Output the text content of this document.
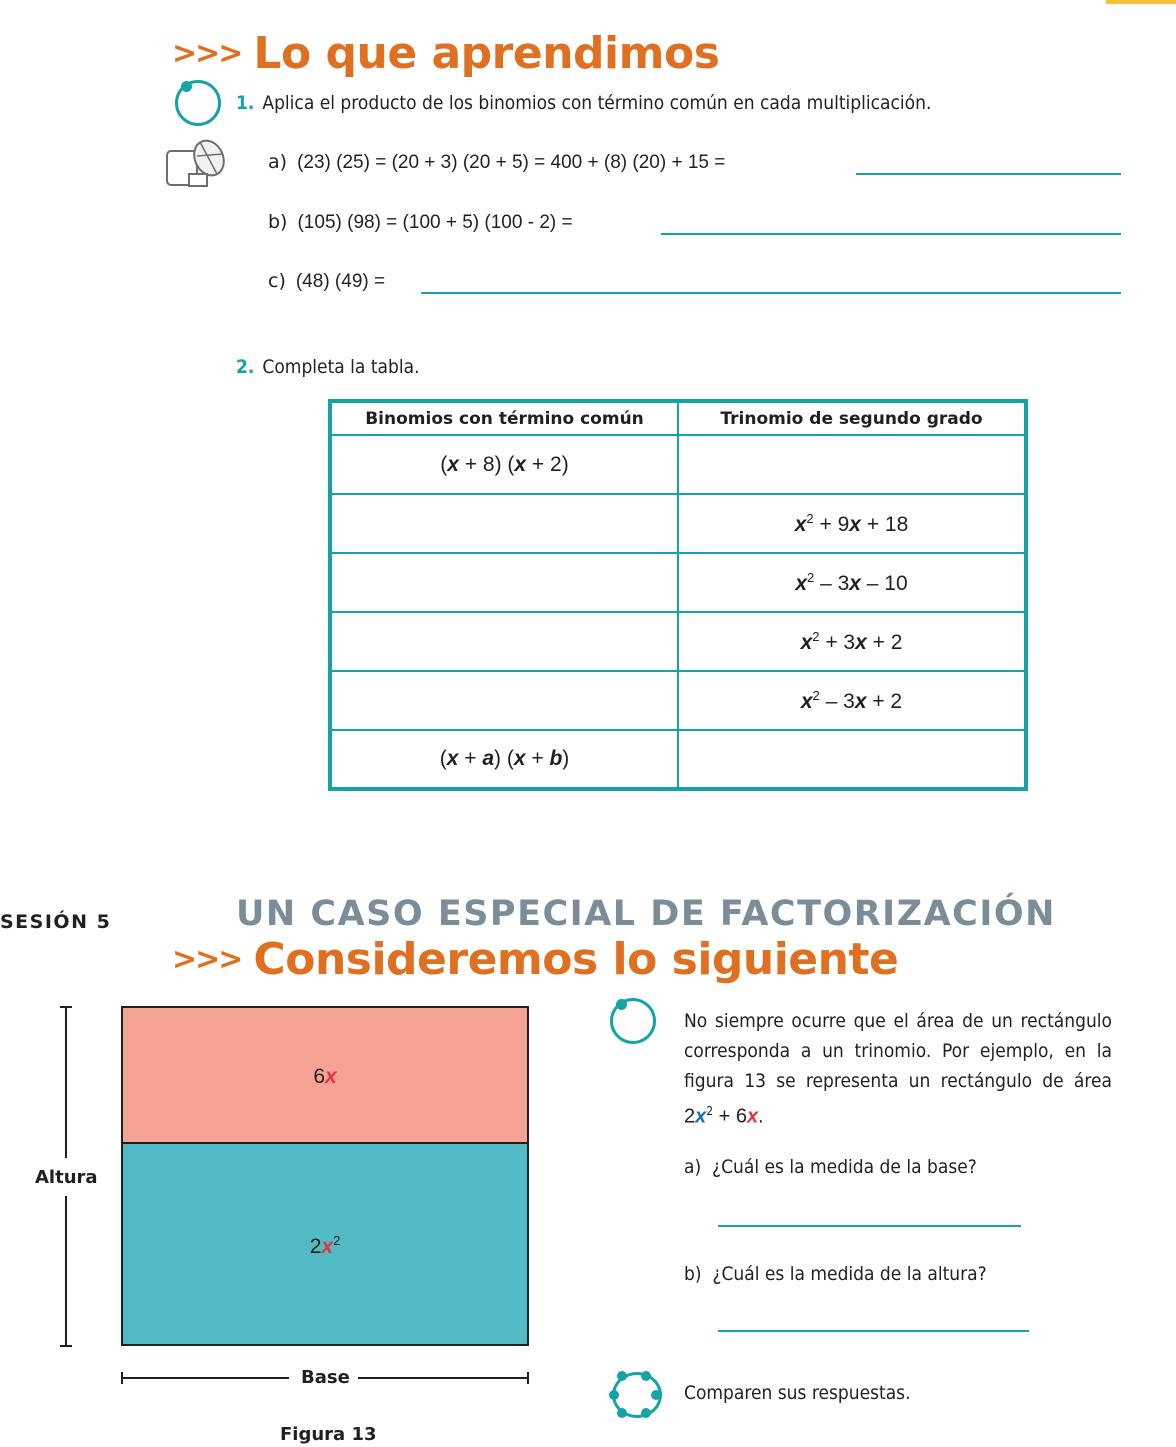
>>> Lo que aprendimos
1. Aplica el producto de los binomios con término común en cada multiplicación.
a) (23) (25) = (20 + 3) (20 + 5) = 400 + (8) (20) + 15 =
b) (105) (98) = (100 + 5) (100 - 2) =
c) (48) (49) =
2. Completa la tabla.
Binomios con término común	Trinomio de segundo grado
(x + 8) (x + 2)	
	$x^2 + 9x + 18$
	$x^2 - 3x - 10$
	$x^2 + 3x + 2$
	$x^2 - 3x + 2$
(x + a) (x + b)	
SESIÓN 5	UN CASO ESPECIAL DE FACTORIZACIÓN
>>> Consideremos lo siguiente
Altura
6x
$2x^2$
Base
Figura 13
No siempre ocurre que el área de un rectángulo corresponda a un trinomio. Por ejemplo, en la figura 13 se representa un rectángulo de área $2x^2 + 6x$.
a) ¿Cuál es la medida de la base?
b) ¿Cuál es la medida de la altura?
Comparen sus respuestas.
